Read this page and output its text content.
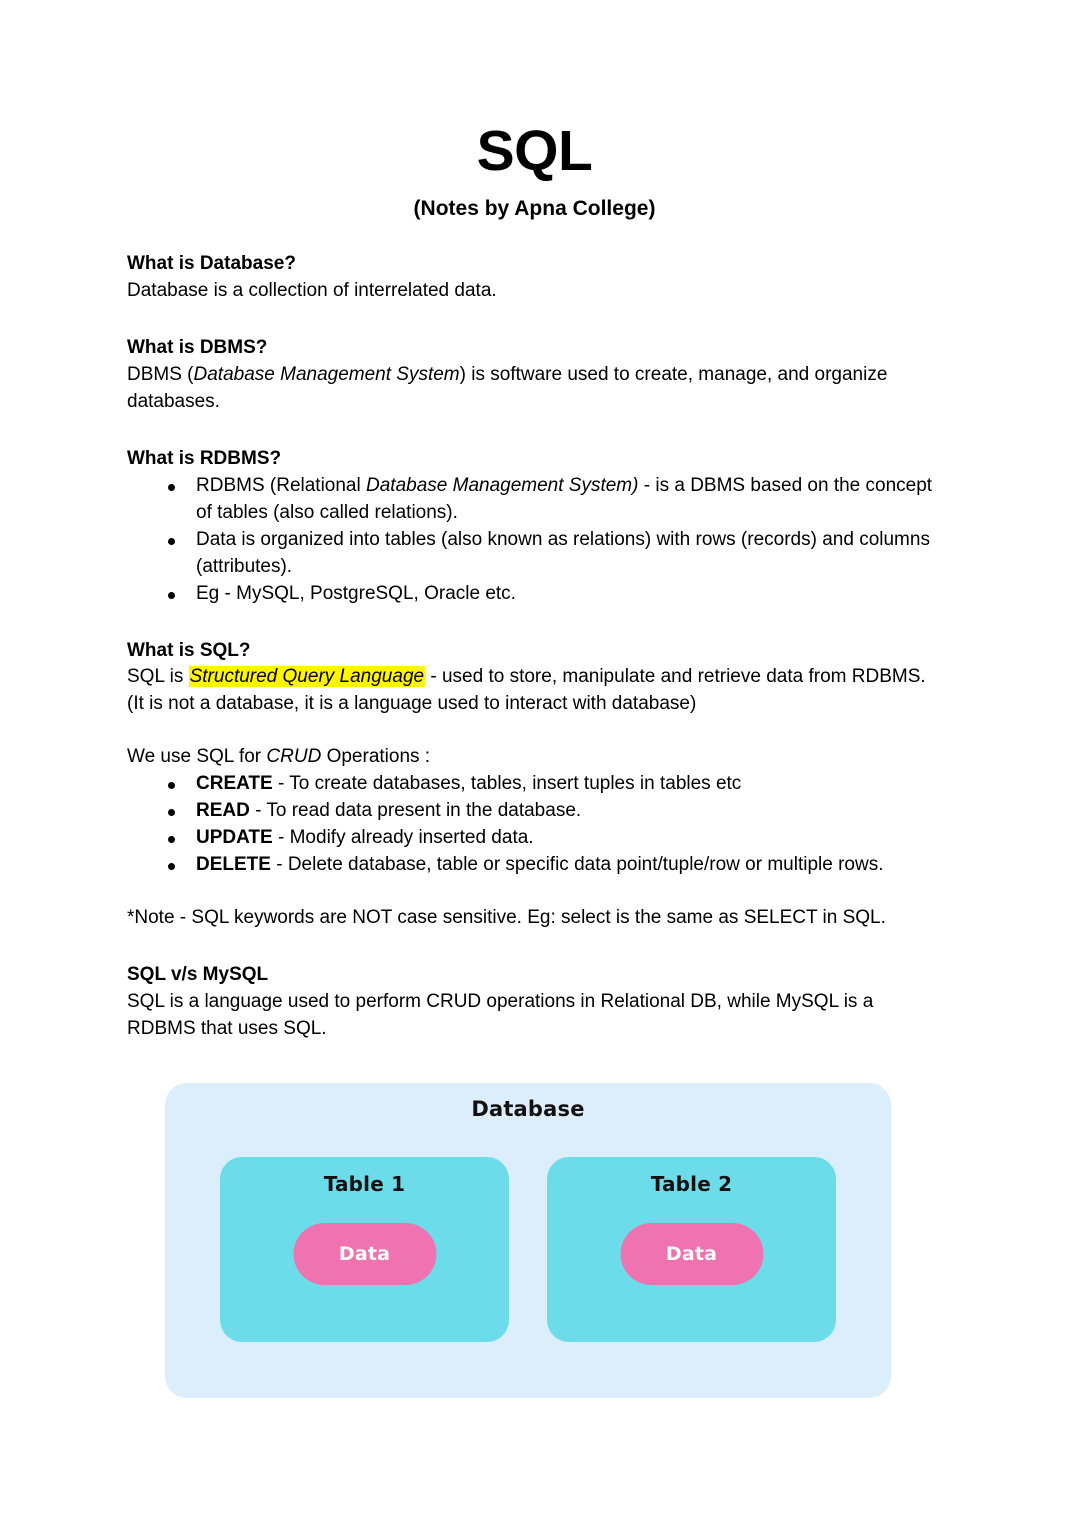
SQL
(Notes by Apna College)
What is Database?

Database is a collection of interrelated data.

What is DBMS?

DBMS (Database Management System) is software used to create, manage, and organize databases.

What is RDBMS?
RDBMS (Relational Database Management System) - is a DBMS based on the concept of tables (also called relations).
Data is organized into tables (also known as relations) with rows (records) and columns (attributes).
Eg - MySQL, PostgreSQL, Oracle etc.
What is SQL?

SQL is Structured Query Language - used to store, manipulate and retrieve data from RDBMS.

(It is not a database, it is a language used to interact with database)

We use SQL for CRUD Operations :

CREATE - To create databases, tables, insert tuples in tables etc
READ - To read data present in the database.
UPDATE - Modify already inserted data.
DELETE - Delete database, table or specific data point/tuple/row or multiple rows.

*Note - SQL keywords are NOT case sensitive. Eg: select is the same as SELECT in SQL.

SQL v/s MySQL

SQL is a language used to perform CRUD operations in Relational DB, while MySQL is a RDBMS that uses SQL.

Database
Table 1
Data
Table 2
Data
